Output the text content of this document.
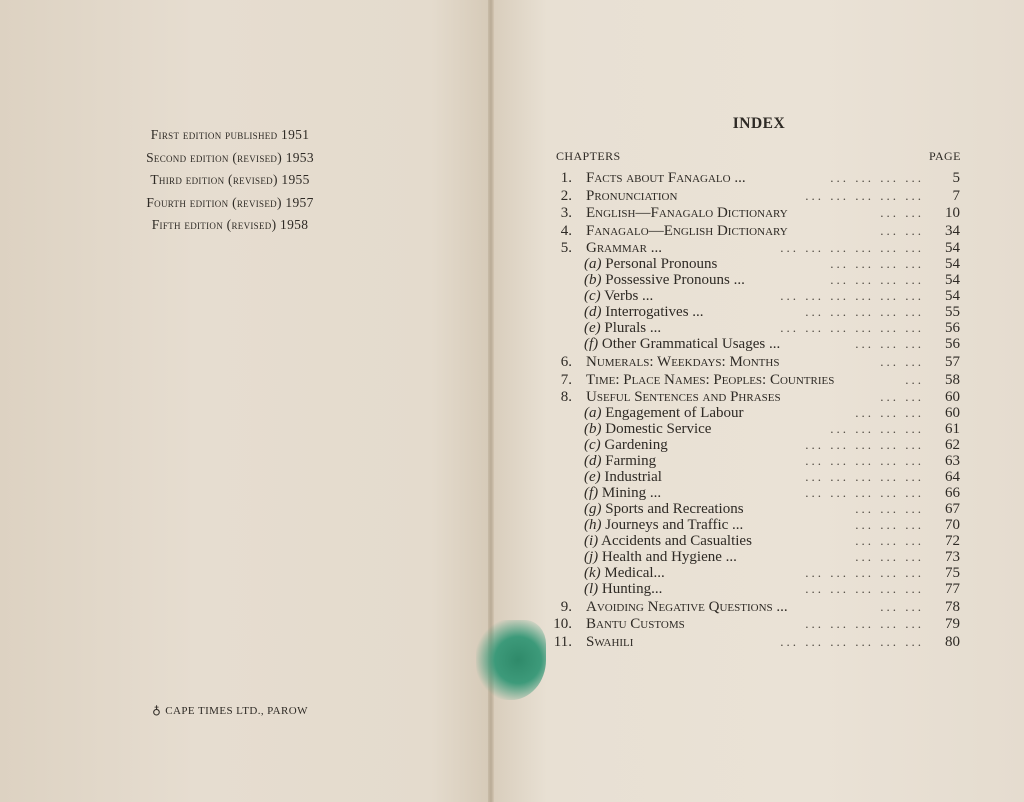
First edition published 1951
Second edition (revised) 1953
Third edition (revised) 1955
Fourth edition (revised) 1957
Fifth edition (revised) 1958
♁ CAPE TIMES LTD., PAROW
INDEX
CHAPTERS	PAGE
1. Facts about Fanagalo ...	5
... ... ... ...
2. Pronunciation	7
... ... ... ... ...
3. English—Fanagalo Dictionary	10
... ...
4. Fanagalo—English Dictionary	34
... ...
5. Grammar ...	54
... ... ... ... ... ...
(a) Personal Pronouns	54
... ... ... ...
(b) Possessive Pronouns ...	54
... ... ... ...
(c) Verbs ...	54
... ... ... ... ... ...
(d) Interrogatives ...	55
... ... ... ... ...
(e) Plurals ...	56
... ... ... ... ... ...
(f) Other Grammatical Usages ...	56
... ... ...
6. Numerals: Weekdays: Months	57
... ...
7. Time: Place Names: Peoples: Countries	58
...
8. Useful Sentences and Phrases	60
... ...
(a) Engagement of Labour	60
... ... ...
(b) Domestic Service	61
... ... ... ...
(c) Gardening	62
... ... ... ... ...
(d) Farming	63
... ... ... ... ...
(e) Industrial	64
... ... ... ... ...
(f) Mining ...	66
... ... ... ... ...
(g) Sports and Recreations	67
... ... ...
(h) Journeys and Traffic ...	70
... ... ...
(i) Accidents and Casualties	72
... ... ...
(j) Health and Hygiene ...	73
... ... ...
(k) Medical...	75
... ... ... ... ...
(l) Hunting...	77
... ... ... ... ...
9. Avoiding Negative Questions ...	78
... ...
10. Bantu Customs	79
... ... ... ... ...
11. Swahili	80
... ... ... ... ... ...
